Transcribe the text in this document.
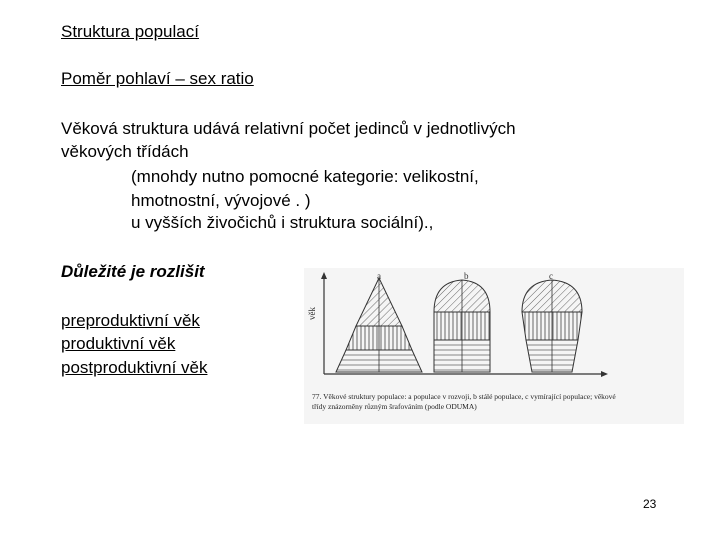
Struktura populací
Poměr pohlaví – sex ratio
Věková struktura udává relativní počet jedinců v jednotlivých
věkových třídách
(mnohdy nutno pomocné kategorie: velikostní,
hmotnostní, vývojové . )
u vyšších živočichů i struktura sociální).,
Důležité je rozlišit
preproduktivní věk
produktivní věk
postproduktivní věk
a	b	c
věk
77. Věkové struktury populace: a populace v rozvoji, b stálé populace, c vymírající populace; věkové
třídy znázorněny různým šrafováním (podle ODUMA)
23
